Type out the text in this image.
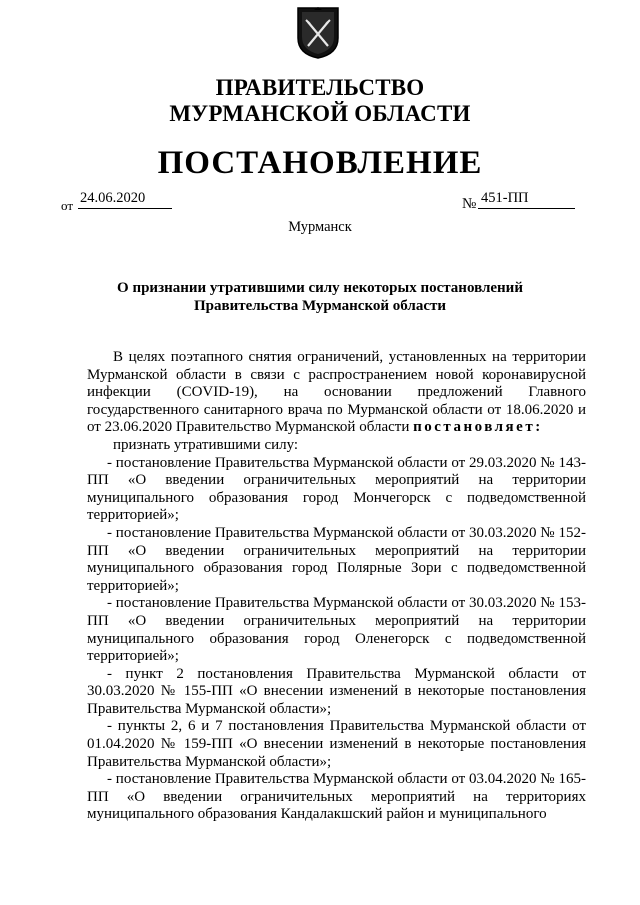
ПРАВИТЕЛЬСТВО
МУРМАНСКОЙ ОБЛАСТИ
ПОСТАНОВЛЕНИЕ
от 24.06.2020	№ 451-ПП
Мурманск
О признании утратившими силу некоторых постановлений
Правительства Мурманской области

В целях поэтапного снятия ограничений, установленных на территории Мурманской области в связи с распространением новой коронавирусной инфекции (COVID-19), на основании предложений Главного государственного санитарного врача по Мурманской области от 18.06.2020 и от 23.06.2020 Правительство Мурманской области постановляет:

признать утратившими силу:

- постановление Правительства Мурманской области от 29.03.2020 № 143-ПП «О введении ограничительных мероприятий на территории муниципального образования город Мончегорск с подведомственной территорией»;

- постановление Правительства Мурманской области от 30.03.2020 № 152-ПП «О введении ограничительных мероприятий на территории муниципального образования город Полярные Зори с подведомственной территорией»;

- постановление Правительства Мурманской области от 30.03.2020 № 153-ПП «О введении ограничительных мероприятий на территории муниципального образования город Оленегорск с подведомственной территорией»;

- пункт 2 постановления Правительства Мурманской области от 30.03.2020 № 155-ПП «О внесении изменений в некоторые постановления Правительства Мурманской области»;

- пункты 2, 6 и 7 постановления Правительства Мурманской области от 01.04.2020 № 159-ПП «О внесении изменений в некоторые постановления Правительства Мурманской области»;

- постановление Правительства Мурманской области от 03.04.2020 № 165-ПП «О введении ограничительных мероприятий на территориях муниципального образования Кандалакшский район и муниципального
